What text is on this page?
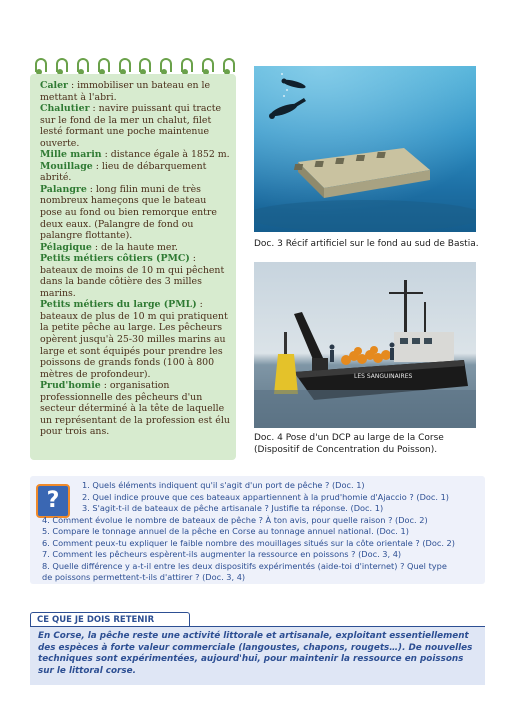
Caler : immobiliser un bateau en le mettant à l'abri.

Chalutier : navire puissant qui tracte sur le fond de la mer un chalut, filet lesté formant une poche maintenue ouverte.

Mille marin : distance égale à 1852 m.

Mouillage : lieu de débarquement abrité.

Palangre : long filin muni de très nombreux hameçons que le bateau pose au fond ou bien remorque entre deux eaux. (Palangre de fond ou palangre flottante).

Pélagique : de la haute mer.

Petits métiers côtiers (PMC) : bateaux de moins de 10 m qui pêchent dans la bande côtière des 3 milles marins.

Petits métiers du large (PML) : bateaux de plus de 10 m qui pratiquent la petite pêche au large. Les pêcheurs opèrent jusqu'à 25-30 milles marins au large et sont équipés pour prendre les poissons de grands fonds (100 à 800 mètres de profondeur).

Prud'homie : organisation professionnelle des pêcheurs d'un secteur déterminé à la tête de laquelle un représentant de la profession est élu pour trois ans.

Doc. 3 Récif artificiel sur le fond au sud de Bastia.
LES SANGUINAIRES
Doc. 4 Pose d'un DCP au large de la Corse
(Dispositif de Concentration du Poisson).
?
1. Quels éléments indiquent qu'il s'agit d'un port de pêche ? (Doc. 1)
2. Quel indice prouve que ces bateaux appartiennent à la prud'homie d'Ajaccio ? (Doc. 1)
3. S'agit-t-il de bateaux de pêche artisanale ? Justifie ta réponse. (Doc. 1)
4. Comment évolue le nombre de bateaux de pêche ? À ton avis, pour quelle raison ? (Doc. 2)
5. Compare le tonnage annuel de la pêche en Corse au tonnage annuel national. (Doc. 1)
6. Comment peux-tu expliquer le faible nombre des mouillages situés sur la côte orientale ? (Doc. 2)
7. Comment les pêcheurs espèrent-ils augmenter la ressource en poissons ? (Doc. 3, 4)
8. Quelle différence y a-t-il entre les deux dispositifs expérimentés (aide-toi d'internet) ? Quel type
de poissons permettent-t-ils d'attirer ? (Doc. 3, 4)
CE QUE JE DOIS RETENIR
En Corse, la pêche reste une activité littorale et artisanale, exploitant essentiellement des espèces à forte valeur commerciale (langoustes, chapons, rougets…). De nouvelles techniques sont expérimentées, aujourd'hui, pour maintenir la ressource en poissons sur le littoral corse.
